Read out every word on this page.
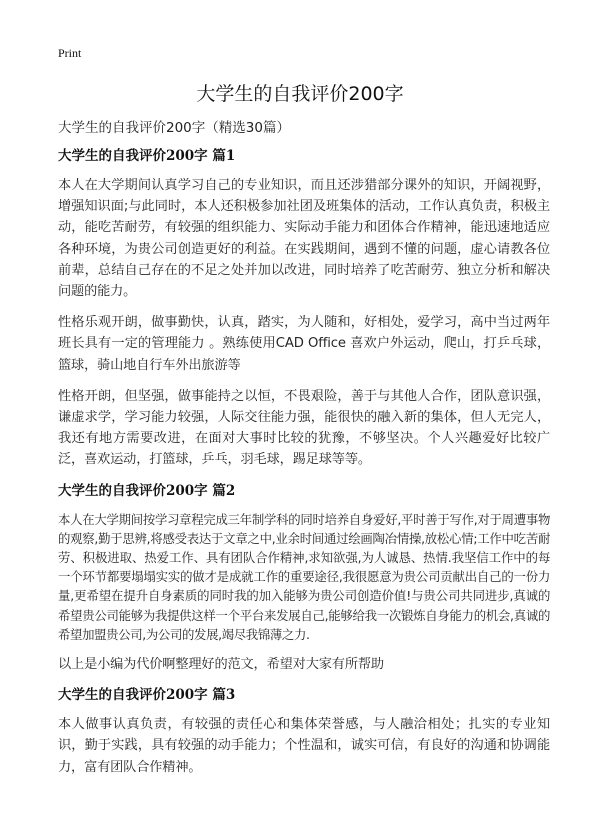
Print
大学生的自我评价200字

大学生的自我评价200字（精选30篇）

大学生的自我评价200字 篇1

本人在大学期间认真学习自己的专业知识，而且还涉猎部分课外的知识，开阔视野，增强知识面;与此同时，本人还积极参加社团及班集体的活动，工作认真负责，积极主动，能吃苦耐劳，有较强的组织能力、实际动手能力和团体合作精神，能迅速地适应各种环境，为贵公司创造更好的利益。在实践期间，遇到不懂的问题，虚心请教各位前辈，总结自己存在的不足之处并加以改进，同时培养了吃苦耐劳、独立分析和解决问题的能力。

性格乐观开朗，做事勤快，认真，踏实，为人随和，好相处，爱学习，高中当过两年班长具有一定的管理能力 。熟练使用CAD Office 喜欢户外运动，爬山，打乒乓球，篮球，骑山地自行车外出旅游等

性格开朗，但坚强，做事能持之以恒，不畏艰险，善于与其他人合作，团队意识强，谦虚求学，学习能力较强，人际交往能力强，能很快的融入新的集体，但人无完人，我还有地方需要改进，在面对大事时比较的犹豫，不够坚决。个人兴趣爱好比较广泛，喜欢运动，打篮球，乒乓，羽毛球，踢足球等等。

大学生的自我评价200字 篇2

本人在大学期间按学习章程完成三年制学科的同时培养自身爱好,平时善于写作,对于周遭事物的观察,勤于思辨,将感受表达于文章之中,业余时间通过绘画陶冶情操,放松心情;工作中吃苦耐劳、积极进取、热爱工作、具有团队合作精神,求知欲强,为人诚恳、热情.我坚信工作中的每一个环节都要塌塌实实的做才是成就工作的重要途径,我很愿意为贵公司贡献出自己的一份力量,更希望在提升自身素质的同时我的加入能够为贵公司创造价值!与贵公司共同进步,真诚的希望贵公司能够为我提供这样一个平台来发展自己,能够给我一次锻炼自身能力的机会,真诚的希望加盟贵公司,为公司的发展,竭尽我锦薄之力.

以上是小编为代价啊整理好的范文，希望对大家有所帮助

大学生的自我评价200字 篇3

本人做事认真负责，有较强的责任心和集体荣誉感，与人融洽相处；扎实的专业知识，勤于实践，具有较强的动手能力；个性温和，诚实可信，有良好的沟通和协调能力，富有团队合作精神。
